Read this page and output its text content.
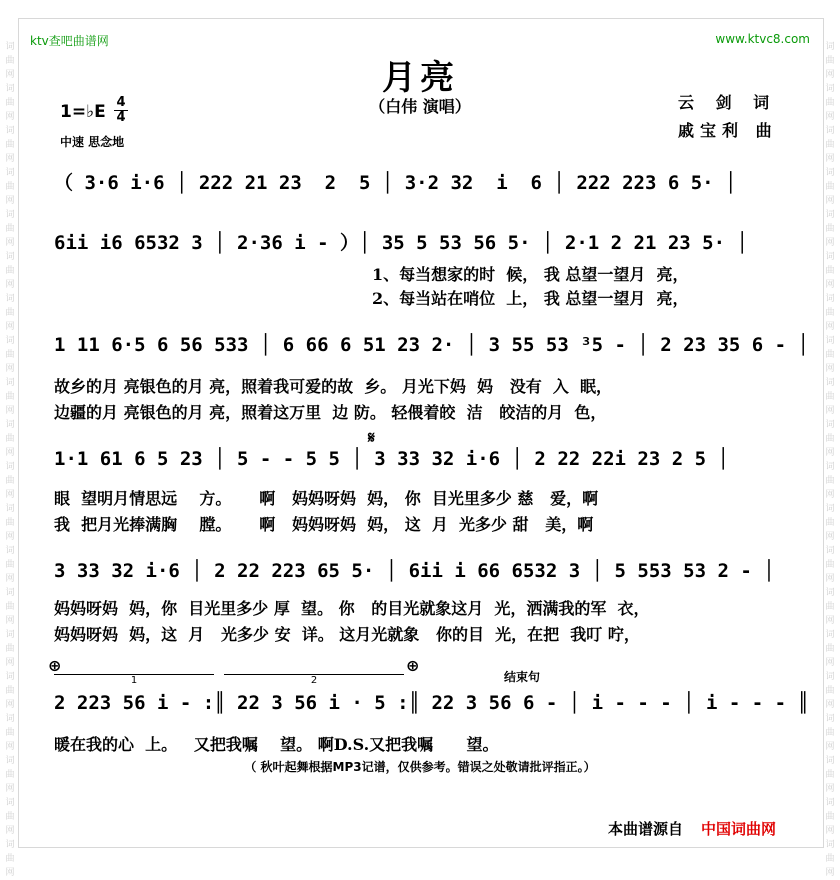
词曲网词曲网词曲网词曲网词曲网词曲网词曲网词曲网词曲网词曲网词曲网词曲网词曲网词曲网词曲网词曲网词曲网词曲网词曲网词曲网
词曲网词曲网词曲网词曲网词曲网词曲网词曲网词曲网词曲网词曲网词曲网词曲网词曲网词曲网词曲网词曲网词曲网词曲网词曲网词曲网
ktv查吧曲谱网	www.ktvc8.com
月亮
（白伟 演唱）	云 剑 词
戚宝利 曲
1=♭E 4
4
中速 思念地
（ 3·6 i·6 │ 222 21 23  2  5 │ 3·2 32  i  6 │ 222 223 6 5· │
6ii i6 6532 3 │ 2·36 i - ）│ 35 5 53 56 5· │ 2·1 2 21 23 5· │
1、每当想家的时  候， 我 总望一望月  亮，
2、每当站在哨位  上， 我 总望一望月  亮，
1 11 6·5 6 56 533 │ 6 66 6 51 23 2· │ 3 55 53 ³5 - │ 2 23 35 6 - │
故乡的月 亮银色的月 亮，照着我可爱的故  乡。 月光下妈  妈   没有  入  眠，
边疆的月 亮银色的月 亮，照着这万里  边 防。 轻偎着皎  洁   皎洁的月  色，
𝄋
1·1 61 6 5 23 │ 5 - - 5 5 │ 3 33 32 i·6 │ 2 22 22i 23 2 5 │
眼  望明月情思远    方。     啊   妈妈呀妈  妈， 你  目光里多少 慈   爱，啊
我  把月光捧满胸    膛。     啊   妈妈呀妈  妈， 这  月  光多少 甜   美，啊
3 33 32 i·6 │ 2 22 223 65 5· │ 6ii i 66 6532 3 │ 5 553 53 2 - │
妈妈呀妈  妈，你  目光里多少 厚  望。 你   的目光就象这月  光，洒满我的军  衣，
妈妈呀妈  妈，这  月   光多少 安  详。 这月光就象   你的目  光，在把  我叮 咛，
⊕	⊕
1	2	结束句
2 223 56 i - :║ 22 3 56 i · 5 :║ 22 3 56 6 - │ i - - - │ i - - - ║
暖在我的心  上。   又把我嘱    望。 啊D.S.又把我嘱      望。
（ 秋叶起舞根据MP3记谱，仅供参考。错误之处敬请批评指正。）
本曲谱源自 中国词曲网
